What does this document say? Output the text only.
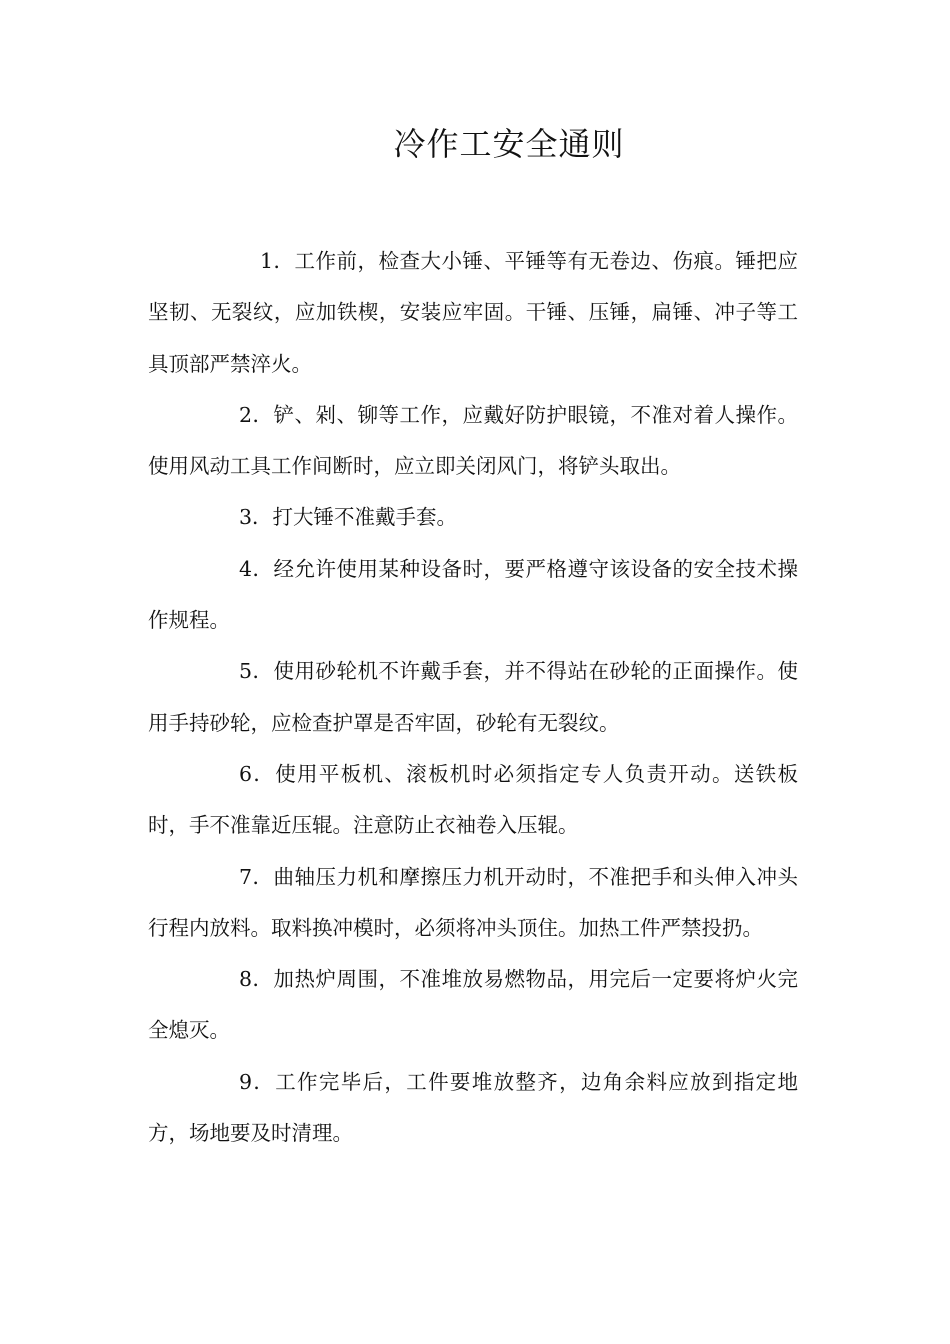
冷作工安全通则

1．工作前，检查大小锤、平锤等有无卷边、伤痕。锤把应坚韧、无裂纹，应加铁楔，安装应牢固。干锤、压锤，扁锤、冲子等工具顶部严禁淬火。

2．铲、剁、铆等工作，应戴好防护眼镜，不准对着人操作。使用风动工具工作间断时，应立即关闭风门，将铲头取出。

3．打大锤不准戴手套。

4．经允许使用某种设备时，要严格遵守该设备的安全技术操作规程。

5．使用砂轮机不许戴手套，并不得站在砂轮的正面操作。使用手持砂轮，应检查护罩是否牢固，砂轮有无裂纹。

6．使用平板机、滚板机时必须指定专人负责开动。送铁板时，手不准靠近压辊。注意防止衣袖卷入压辊。

7．曲轴压力机和摩擦压力机开动时，不准把手和头伸入冲头行程内放料。取料换冲模时，必须将冲头顶住。加热工件严禁投扔。

8．加热炉周围，不准堆放易燃物品，用完后一定要将炉火完全熄灭。

9．工作完毕后，工件要堆放整齐，边角余料应放到指定地方，场地要及时清理。
